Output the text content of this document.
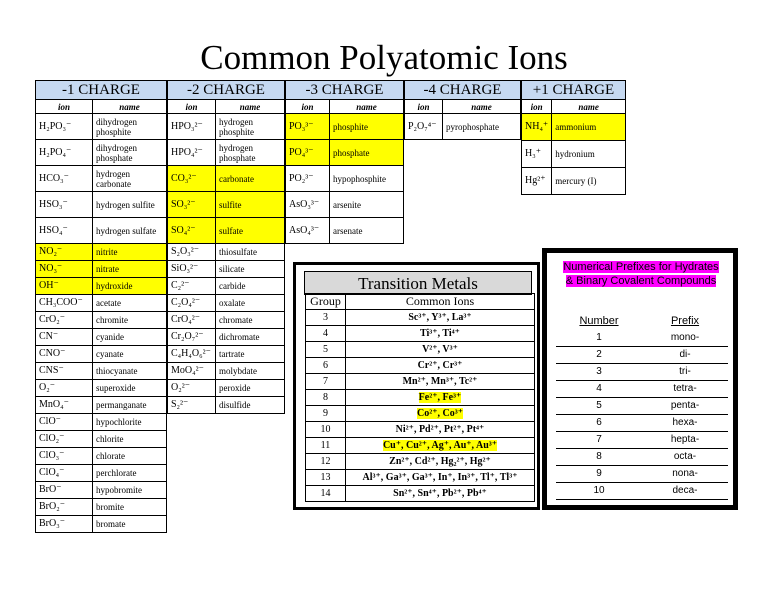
Common Polyatomic Ions
-1 CHARGE	
ion	name
H₂PO₃⁻	dihydrogen phosphite
H₂PO₄⁻	dihydrogen phosphate
HCO₃⁻	hydrogen carbonate
HSO₃⁻	hydrogen sulfite
HSO₄⁻	hydrogen sulfate
NO₂⁻	nitrite
NO₃⁻	nitrate
OH⁻	hydroxide
CH₃COO⁻	acetate
CrO₂⁻	chromite
CN⁻	cyanide
CNO⁻	cyanate
CNS⁻	thiocyanate
O₂⁻	superoxide
MnO₄⁻	permanganate
ClO⁻	hypochlorite
ClO₂⁻	chlorite
ClO₃⁻	chlorate
ClO₄⁻	perchlorate
BrO⁻	hypobromite
BrO₂⁻	bromite
BrO₃⁻	bromate
-2 CHARGE	
ion	name
HPO₃²⁻	hydrogen phosphite
HPO₄²⁻	hydrogen phosphate
CO₃²⁻	carbonate
SO₃²⁻	sulfite
SO₄²⁻	sulfate
S₂O₃²⁻	thiosulfate
SiO₃²⁻	silicate
C₂²⁻	carbide
C₂O₄²⁻	oxalate
CrO₄²⁻	chromate
Cr₂O₇²⁻	dichromate
C₄H₄O₆²⁻	tartrate
MoO₄²⁻	molybdate
O₂²⁻	peroxide
S₂²⁻	disulfide
-3 CHARGE	
ion	name
PO₃³⁻	phosphite
PO₄³⁻	phosphate
PO₂³⁻	hypophosphite
AsO₃³⁻	arsenite
AsO₄³⁻	arsenate
-4 CHARGE	
ion	name
P₂O₇⁴⁻	pyrophosphate
+1 CHARGE	
ion	name
NH₄⁺	ammonium
H₃⁺	hydronium
Hg²⁺	mercury (I)
Transition Metals
Group	Common Ions
3	Sc³⁺, Y³⁺, La³⁺
4	Ti³⁺, Ti⁴⁺
5	V²⁺, V³⁺
6	Cr²⁺, Cr³⁺
7	Mn²⁺, Mn³⁺, Tc²⁺
8	Fe²⁺, Fe³⁺
9	Co²⁺, Co³⁺
10	Ni²⁺, Pd²⁺, Pt²⁺, Pt⁴⁺
11	Cu⁺, Cu²⁺, Ag⁺, Au⁺, Au³⁺
12	Zn²⁺, Cd²⁺, Hg₂²⁺, Hg²⁺
13	Al³⁺, Ga³⁺, Ga³⁺, In⁺, In³⁺, Tl⁺, Tl³⁺
14	Sn²⁺, Sn⁴⁺, Pb²⁺, Pb⁴⁺
Numerical Prefixes for Hydrates & Binary Covalent Compounds
Number	Prefix
1	mono-
2	di-
3	tri-
4	tetra-
5	penta-
6	hexa-
7	hepta-
8	octa-
9	nona-
10	deca-
